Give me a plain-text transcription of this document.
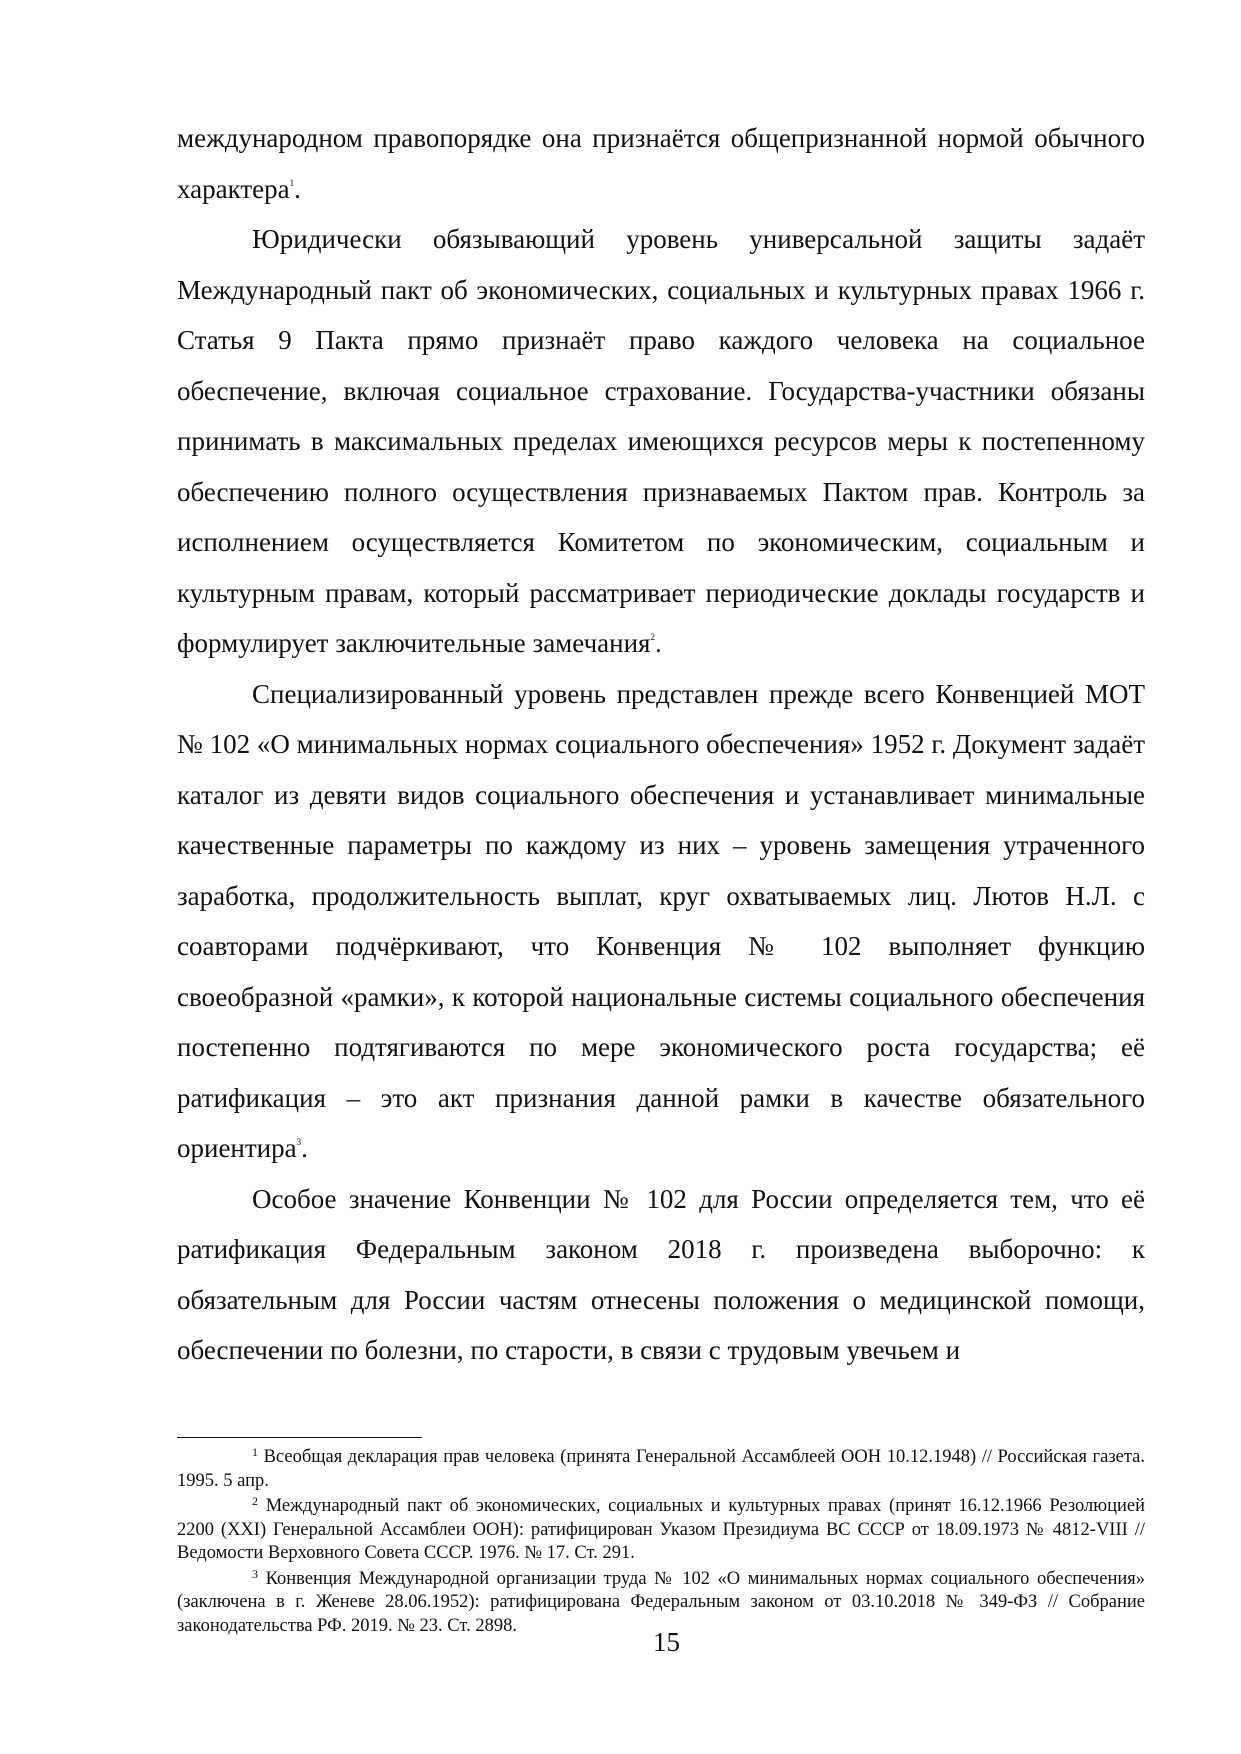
международном правопорядке она признаётся общепризнанной нормой обычного характера$^1$.

Юридически обязывающий уровень универсальной защиты задаёт Международный пакт об экономических, социальных и культурных правах 1966 г. Статья 9 Пакта прямо признаёт право каждого человека на социальное обеспечение, включая социальное страхование. Государства-участники обязаны принимать в максимальных пределах имеющихся ресурсов меры к постепенному обеспечению полного осуществления признаваемых Пактом прав. Контроль за исполнением осуществляется Комитетом по экономическим, социальным и культурным правам, который рассматривает периодические доклады государств и формулирует заключительные замечания$^2$.

Специализированный уровень представлен прежде всего Конвенцией МОТ № 102 «О минимальных нормах социального обеспечения» 1952 г. Документ задаёт каталог из девяти видов социального обеспечения и устанавливает минимальные качественные параметры по каждому из них – уровень замещения утраченного заработка, продолжительность выплат, круг охватываемых лиц. Лютов Н.Л. с соавторами подчёркивают, что Конвенция № 102 выполняет функцию своеобразной «рамки», к которой национальные системы социального обеспечения постепенно подтягиваются по мере экономического роста государства; её ратификация – это акт признания данной рамки в качестве обязательного ориентира$^3$.

Особое значение Конвенции № 102 для России определяется тем, что её ратификация Федеральным законом 2018 г. произведена выборочно: к обязательным для России частям отнесены положения о медицинской помощи, обеспечении по болезни, по старости, в связи с трудовым увечьем и

$^1$ Всеобщая декларация прав человека (принята Генеральной Ассамблеей ООН 10.12.1948) // Российская газета. 1995. 5 апр.

$^2$ Международный пакт об экономических, социальных и культурных правах (принят 16.12.1966 Резолюцией 2200 (XXI) Генеральной Ассамблеи ООН): ратифицирован Указом Президиума ВС СССР от 18.09.1973 № 4812-VIII // Ведомости Верховного Совета СССР. 1976. № 17. Ст. 291.

$^3$ Конвенция Международной организации труда № 102 «О минимальных нормах социального обеспечения» (заключена в г. Женеве 28.06.1952): ратифицирована Федеральным законом от 03.10.2018 № 349-ФЗ // Собрание законодательства РФ. 2019. № 23. Ст. 2898.

15
